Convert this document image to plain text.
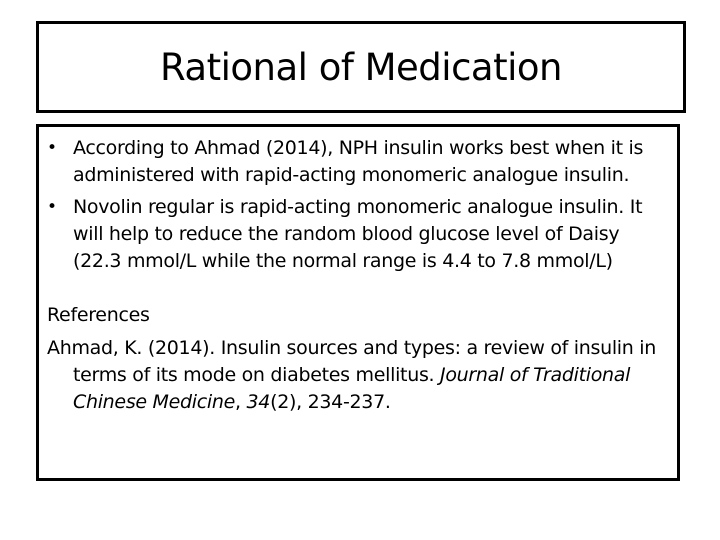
Rational of Medication
• According to Ahmad (2014), NPH insulin works best when it is administered with rapid-acting monomeric analogue insulin.
• Novolin regular is rapid-acting monomeric analogue insulin. It will help to reduce the random blood glucose level of Daisy (22.3 mmol/L while the normal range is 4.4 to 7.8 mmol/L)
References
Ahmad, K. (2014). Insulin sources and types: a review of insulin in terms of its mode on diabetes mellitus. Journal of Traditional Chinese Medicine, 34(2), 234-237.
